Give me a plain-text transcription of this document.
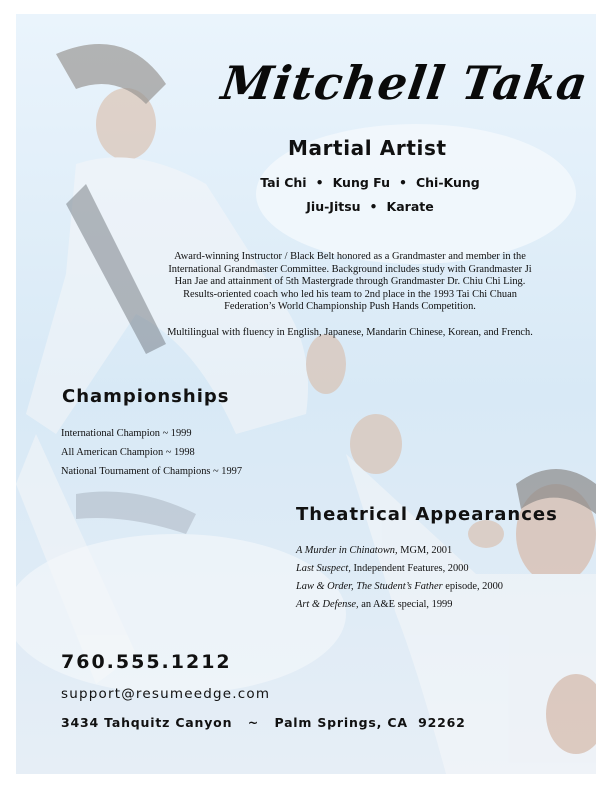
Mitchell Taka
Martial Artist
Tai Chi • Kung Fu • Chi-Kung
Jiu-Jitsu • Karate
Award-winning Instructor / Black Belt honored as a Grandmaster and member in the
International Grandmaster Committee. Background includes study with Grandmaster Ji
Han Jae and attainment of 5th Mastergrade through Grandmaster Dr. Chiu Chi Ling.
Results-oriented coach who led his team to 2nd place in the 1993 Tai Chi Chuan
Federation’s World Championship Push Hands Competition.
Multilingual with fluency in English, Japanese, Mandarin Chinese, Korean, and French.
Championships
International Champion ~ 1999
All American Champion ~ 1998
National Tournament of Champions ~ 1997
Theatrical Appearances
A Murder in Chinatown, MGM, 2001
Last Suspect, Independent Features, 2000
Law & Order, The Student’s Father episode, 2000
Art & Defense, an A&E special, 1999
760.555.1212
support@resumeedge.com
3434 Tahquitz Canyon   ~   Palm Springs, CA  92262
